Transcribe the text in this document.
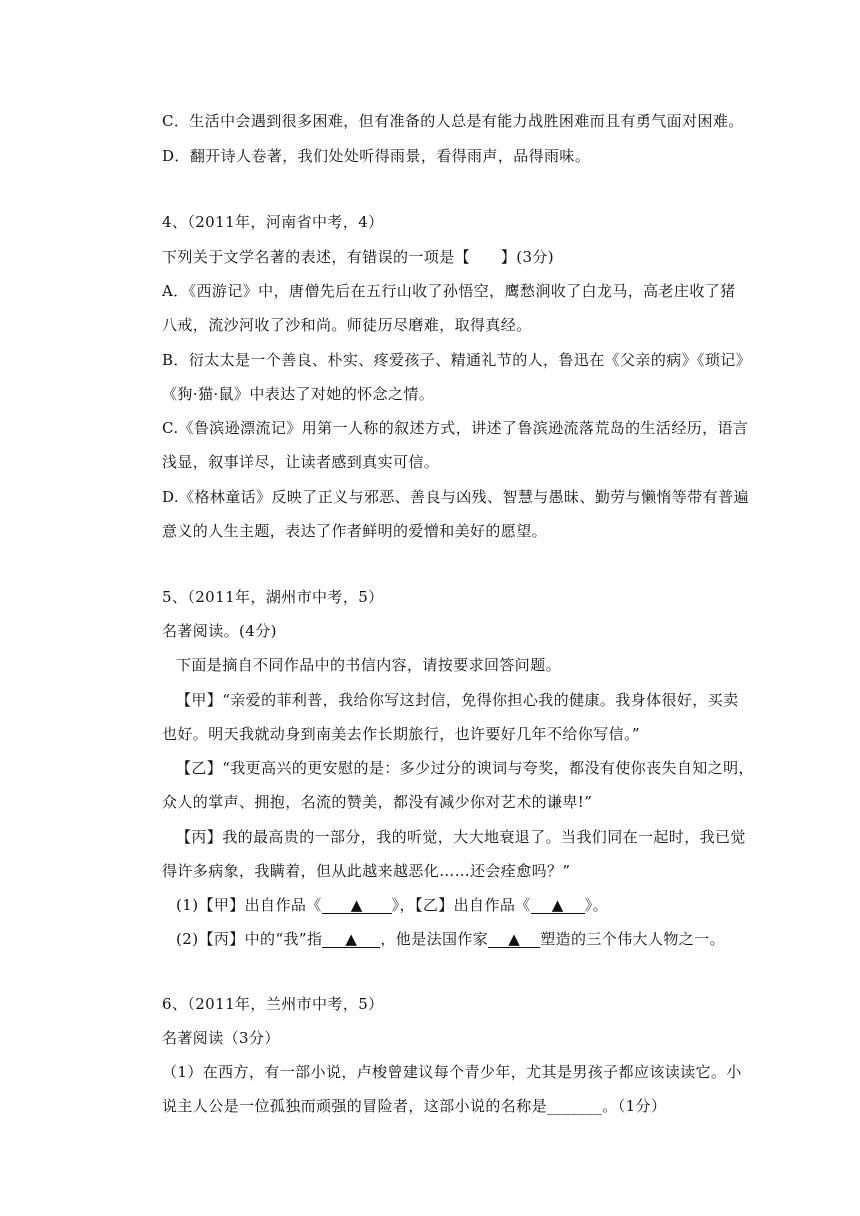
C．生活中会遇到很多困难，但有准备的人总是有能力战胜困难而且有勇气面对困难。
D．翻开诗人卷著，我们处处听得雨景，看得雨声，品得雨味。
4、（2011年，河南省中考，4）
下列关于文学名著的表述，有错误的一项是【　　】(3分)
A．《西游记》中，唐僧先后在五行山收了孙悟空，鹰愁涧收了白龙马，高老庄收了猪
八戒，流沙河收了沙和尚。师徒历尽磨难，取得真经。
B．衍太太是一个善良、朴实、疼爱孩子、精通礼节的人，鲁迅在《父亲的病》《琐记》
《狗·猫·鼠》中表达了对她的怀念之情。
C.《鲁滨逊漂流记》用第一人称的叙述方式，讲述了鲁滨逊流落荒岛的生活经历，语言
浅显，叙事详尽，让读者感到真实可信。
D.《格林童话》反映了正义与邪恶、善良与凶残、智慧与愚昧、勤劳与懒惰等带有普遍
意义的人生主题，表达了作者鲜明的爱憎和美好的愿望。
5、（2011年，湖州市中考，5）
名著阅读。(4分)
下面是摘自不同作品中的书信内容，请按要求回答问题。
【甲】“亲爱的菲利普，我给你写这封信，免得你担心我的健康。我身体很好，买卖
也好。明天我就动身到南美去作长期旅行，也许要好几年不给你写信。”
【乙】“我更高兴的更安慰的是：多少过分的谀词与夸奖，都没有使你丧失自知之明，
众人的掌声、拥抱，名流的赞美，都没有减少你对艺术的谦卑!”
【丙】我的最高贵的一部分，我的听觉，大大地衰退了。当我们同在一起时，我已觉
得许多病象，我瞒着，但从此越来越恶化……还会痊愈吗？”
(1)【甲】出自作品《 ▲ 》，【乙】出自作品《 ▲ 》。
(2)【丙】中的“我”指 ▲ ，他是法国作家 ▲ 塑造的三个伟大人物之一。
6、（2011年，兰州市中考，5）
名著阅读（3分）
（1）在西方，有一部小说，卢梭曾建议每个青少年，尤其是男孩子都应该读读它。小
说主人公是一位孤独而顽强的冒险者，这部小说的名称是_______。（1分）
